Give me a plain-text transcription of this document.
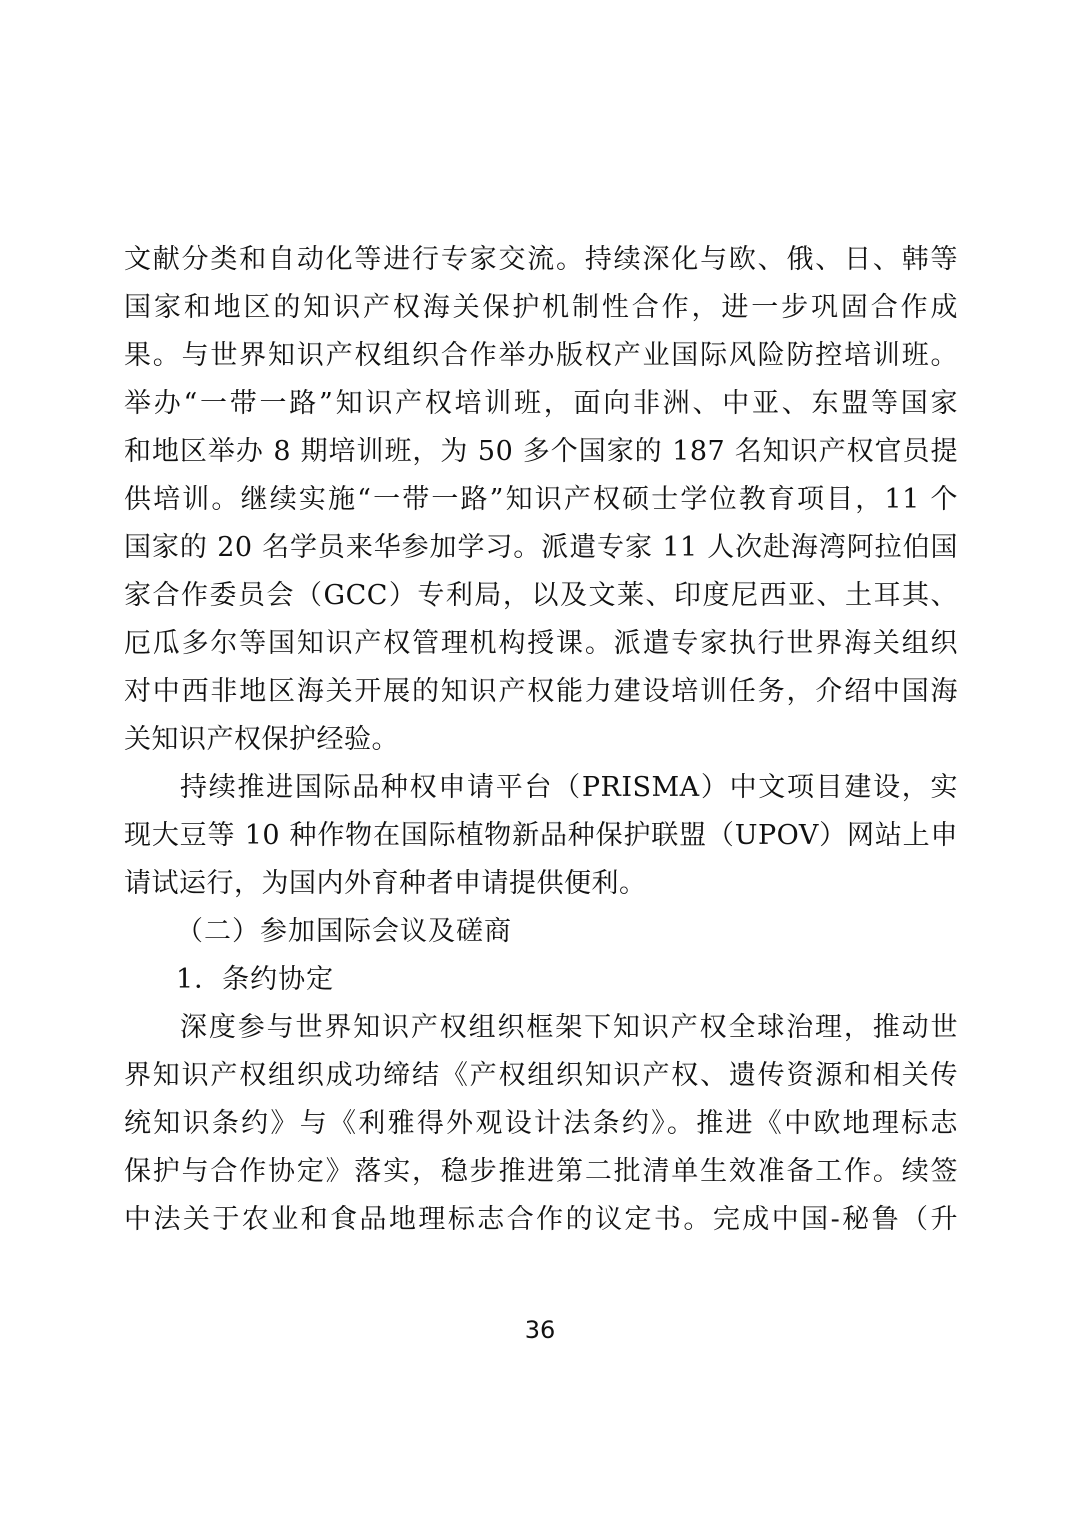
文献分类和自动化等进行专家交流。持续深化与欧、俄、日、韩等
国家和地区的知识产权海关保护机制性合作，进一步巩固合作成
果。与世界知识产权组织合作举办版权产业国际风险防控培训班。
举办“一带一路”知识产权培训班，面向非洲、中亚、东盟等国家
和地区举办 8 期培训班，为 50 多个国家的 187 名知识产权官员提
供培训。继续实施“一带一路”知识产权硕士学位教育项目，11 个
国家的 20 名学员来华参加学习。派遣专家 11 人次赴海湾阿拉伯国
家合作委员会（GCC）专利局，以及文莱、印度尼西亚、土耳其、
厄瓜多尔等国知识产权管理机构授课。派遣专家执行世界海关组织
对中西非地区海关开展的知识产权能力建设培训任务，介绍中国海
关知识产权保护经验。
持续推进国际品种权申请平台（PRISMA）中文项目建设，实
现大豆等 10 种作物在国际植物新品种保护联盟（UPOV）网站上申
请试运行，为国内外育种者申请提供便利。
（二）参加国际会议及磋商
1．条约协定
深度参与世界知识产权组织框架下知识产权全球治理，推动世
界知识产权组织成功缔结《产权组织知识产权、遗传资源和相关传
统知识条约》与《利雅得外观设计法条约》。推进《中欧地理标志
保护与合作协定》落实，稳步推进第二批清单生效准备工作。续签
中法关于农业和食品地理标志合作的议定书。完成中国-秘鲁（升
36
